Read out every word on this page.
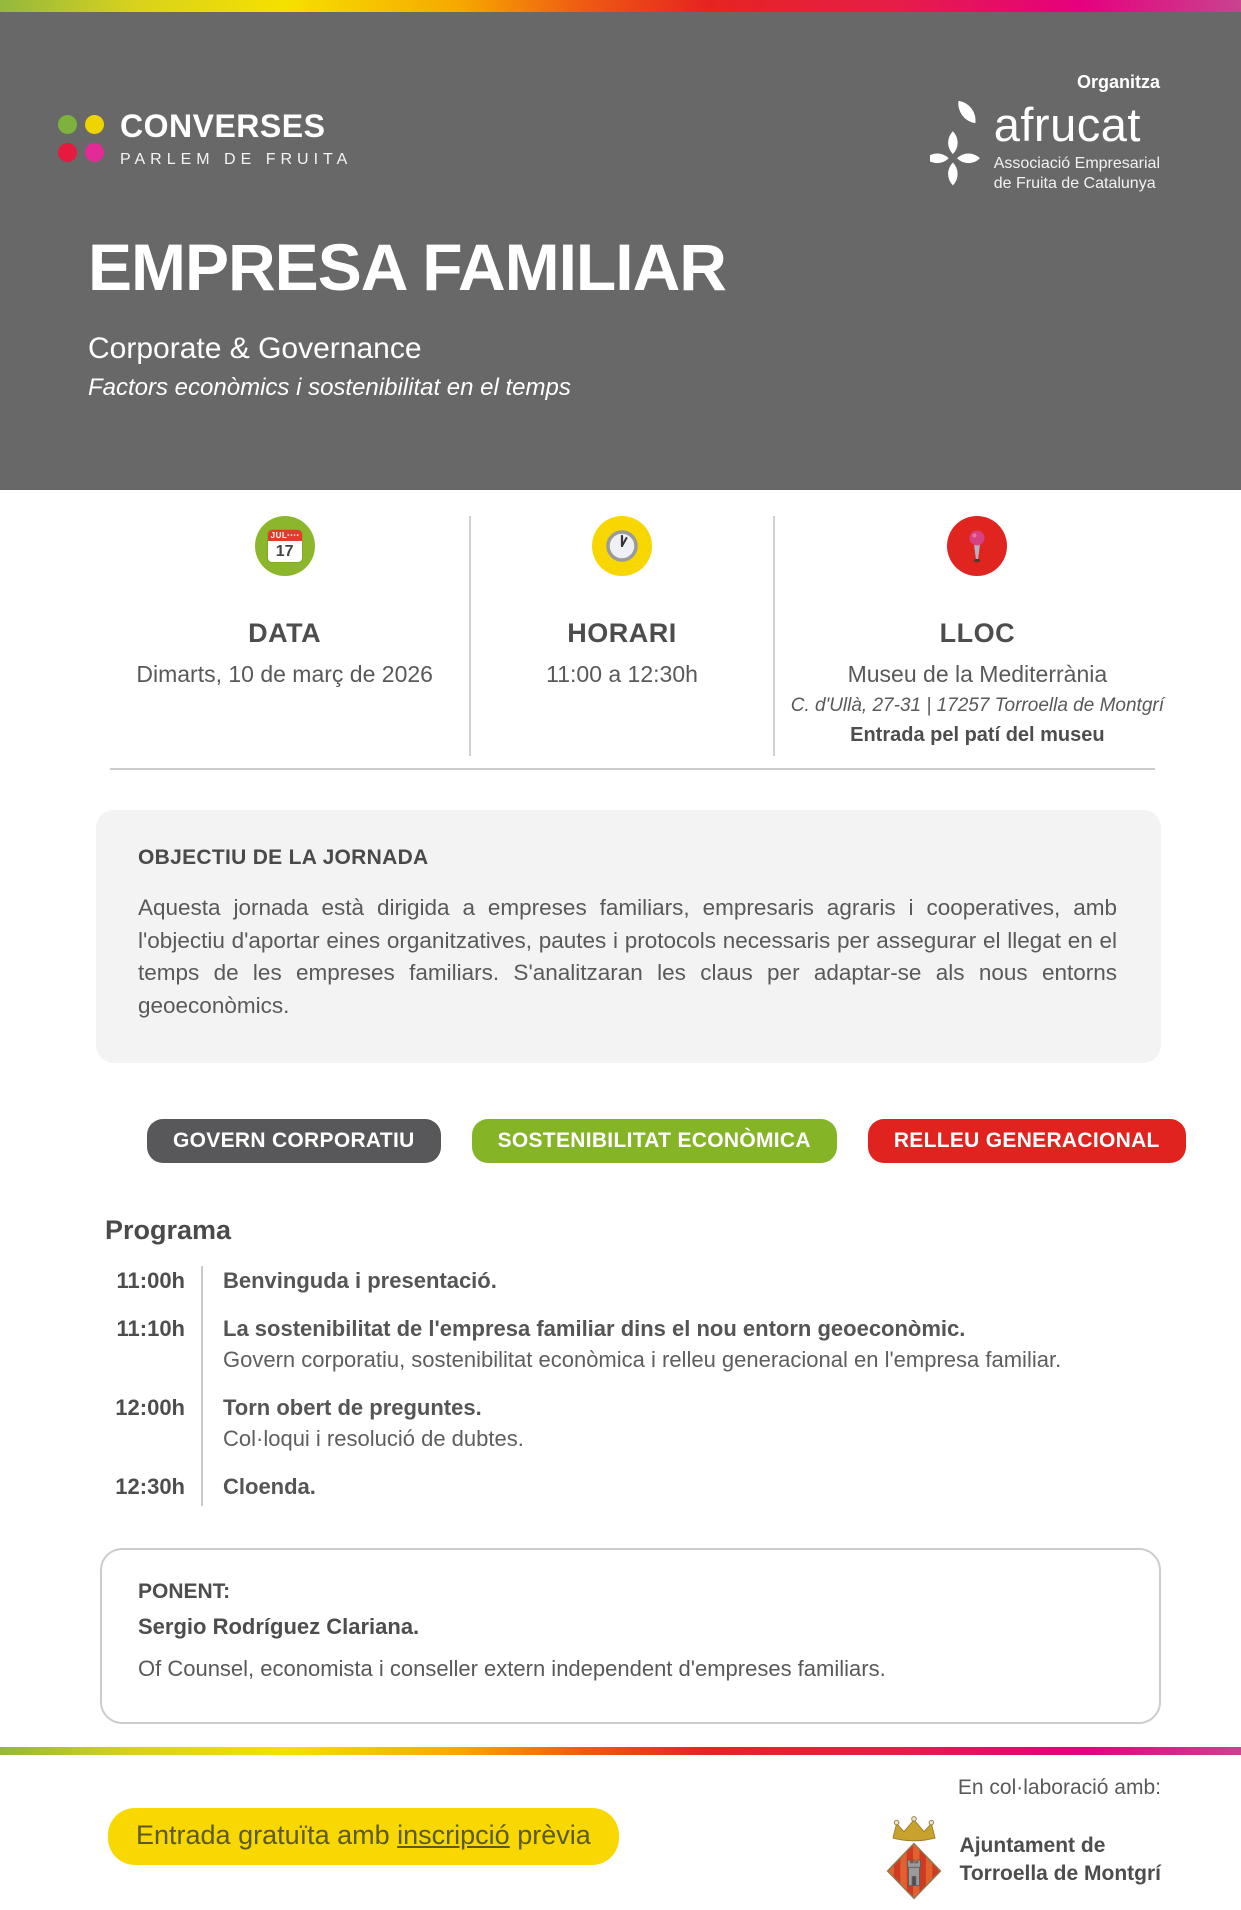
CONVERSES
PARLEM DE FRUITA
Organitza
afrucat
Associació Empresarial
de Fruita de Catalunya
EMPRESA FAMILIAR
Corporate & Governance
Factors econòmics i sostenibilitat en el temps
JUL ••••
17
DATA
Dimarts, 10 de març de 2026
HORARI
11:00 a 12:30h
LLOC
Museu de la Mediterrània
C. d'Ullà, 27-31 | 17257 Torroella de Montgrí
Entrada pel patí del museu
OBJECTIU DE LA JORNADA
Aquesta jornada està dirigida a empreses familiars, empresaris agraris i cooperatives, amb l'objectiu d'aportar eines organitzatives, pautes i protocols necessaris per assegurar el llegat en el temps de les empreses familiars. S'analitzaran les claus per adaptar-se als nous entorns geoeconòmics.
GOVERN CORPORATIU	SOSTENIBILITAT ECONÒMICA	RELLEU GENERACIONAL
Programa
11:00h	Benvinguda i presentació.
11:10h	La sostenibilitat de l'empresa familiar dins el nou entorn geoeconòmic.
Govern corporatiu, sostenibilitat econòmica i relleu generacional en l'empresa familiar.
12:00h	Torn obert de preguntes.
Col·loqui i resolució de dubtes.
12:30h	Cloenda.
PONENT:
Sergio Rodríguez Clariana.
Of Counsel, economista i conseller extern independent d'empreses familiars.
Entrada gratuïta amb inscripció prèvia
En col·laboració amb:
Ajuntament de
Torroella de Montgrí
